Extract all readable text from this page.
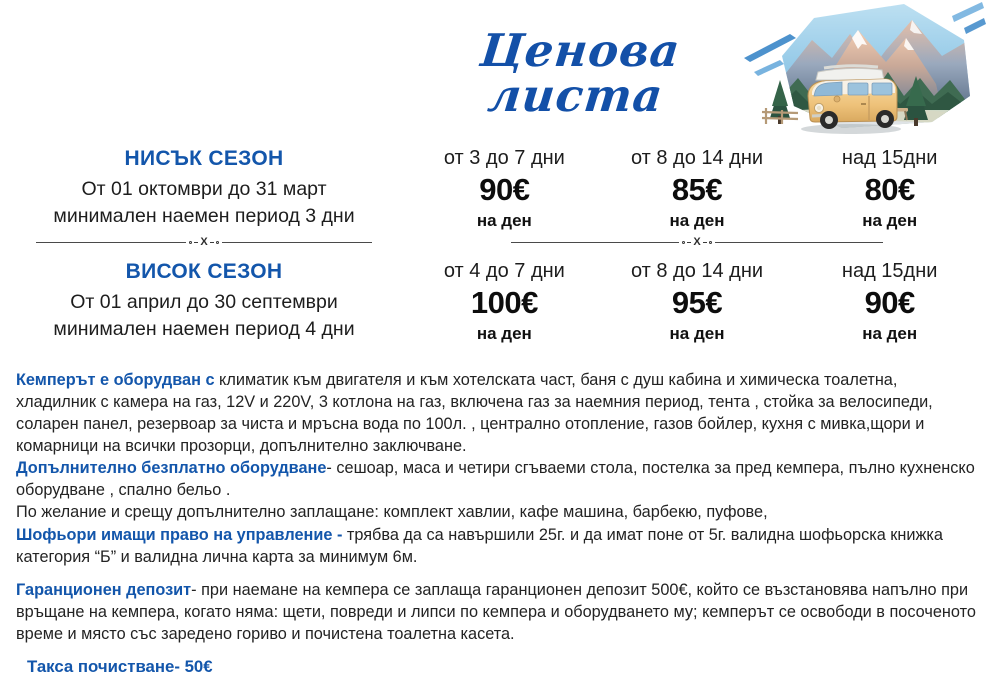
Ценова листа
НИСЪК СЕЗОН
От 01 октомври до 31 март
минимален наемен период 3 дни
от 3 до 7 дни
90€
на ден
от 8 до 14 дни
85€
на ден
над 15дни
80€
на ден
X	X
ВИСОК СЕЗОН
От 01 април до 30 септември
минимален наемен период 4 дни
от 4 до 7 дни
100€
на ден
от 8 до 14 дни
95€
на ден
над 15дни
90€
на ден

Кемперът е оборудван с климатик към двигателя и към хотелската част, баня с душ кабина и химическа тоалетна, хладилник с камера на газ, 12V и 220V, 3 котлона на газ, включена газ за наемния период, тента , стойка за велосипеди, соларен панел, резервоар за чиста и мръсна вода по 100л. , централно отопление, газов бойлер, кухня с мивка,щори и комарници на всички прозорци, допълнително заключване.

Допълнително безплатно оборудване- сешоар, маса и четири сгъваеми стола, постелка за пред кемпера, пълно кухненско оборудване , спално бельо .

По желание и срещу допълнително заплащане: комплект хавлии, кафе машина, барбекю, пуфове,

Шофьори имащи право на управление - трябва да са навършили 25г. и да имат поне от 5г. валидна шофьорска книжка категория “Б” и валидна лична карта за минимум 6м.

Гаранционен депозит- при наемане на кемпера се заплаща гаранционен депозит 500€, който се възстановява напълно при връщане на кемпера, когато няма: щети, повреди и липси по кемпера и оборудването му; кемперът се освободи в посоченото време и място със заредено гориво и почистена тоалетна касета.

Такса почистване- 50€
